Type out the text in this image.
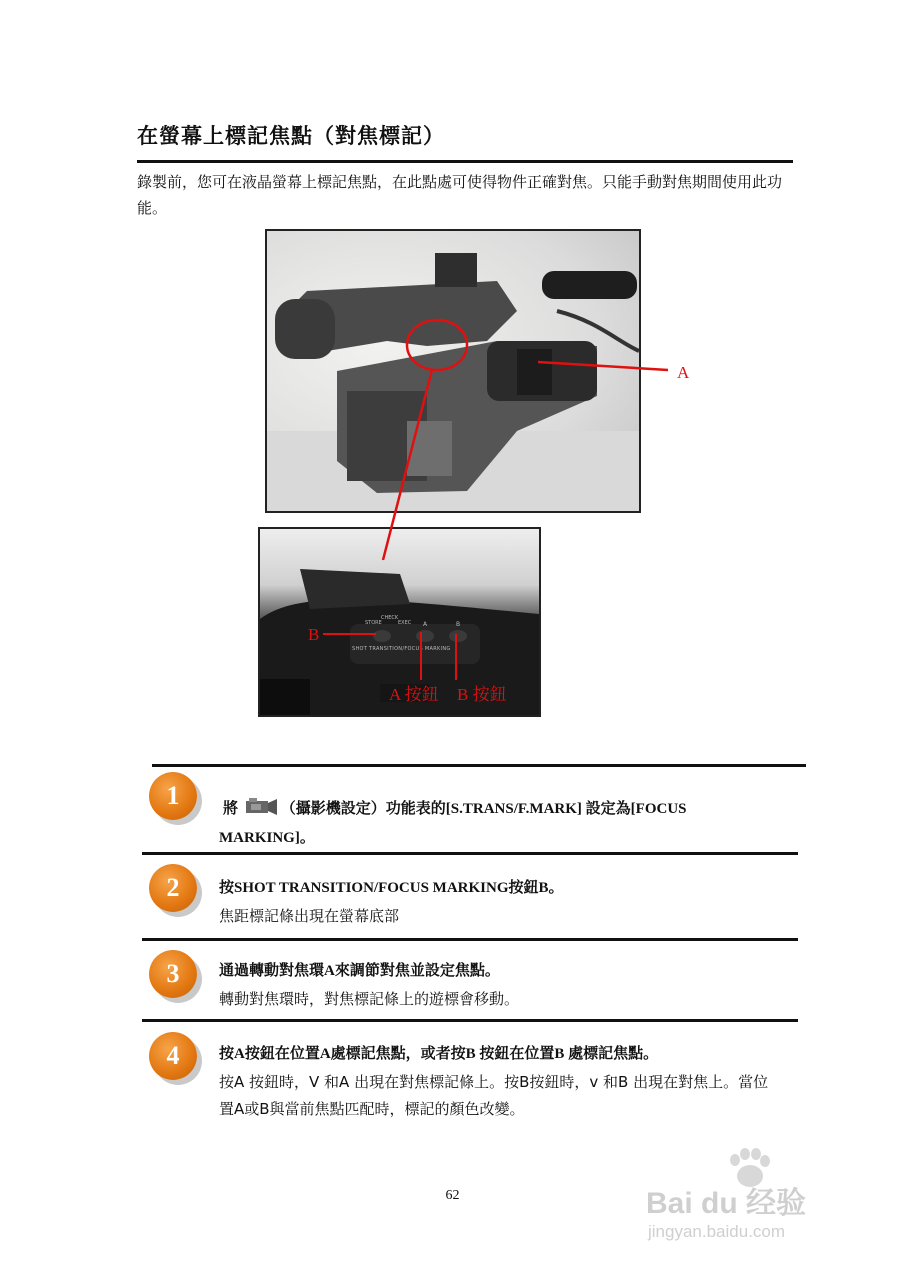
在螢幕上標記焦點（對焦標記）
錄製前，您可在液晶螢幕上標記焦點，在此點處可使得物件正確對焦。只能手動對焦期間使用此功能。
SHOT TRANSITION/FOCUS MARKING
STORE
CHECK
EXEC A	B
A
B
A 按鈕 B 按鈕
1	將	（攝影機設定）功能表的[S.TRANS/F.MARK] 設定為[FOCUS MARKING]。
2	按SHOT TRANSITION/FOCUS MARKING按鈕B。
焦距標記條出現在螢幕底部
3	通過轉動對焦環A來調節對焦並設定焦點。
轉動對焦環時，對焦標記條上的遊標會移動。
4	按A按鈕在位置A處標記焦點，或者按B 按鈕在位置B 處標記焦點。
按A 按鈕時，V 和A 出現在對焦標記條上。按B按鈕時，v 和B 出現在對焦上。當位置A或B與當前焦點匹配時，標記的顏色改變。
62	Bai du 经验
jingyan.baidu.com
